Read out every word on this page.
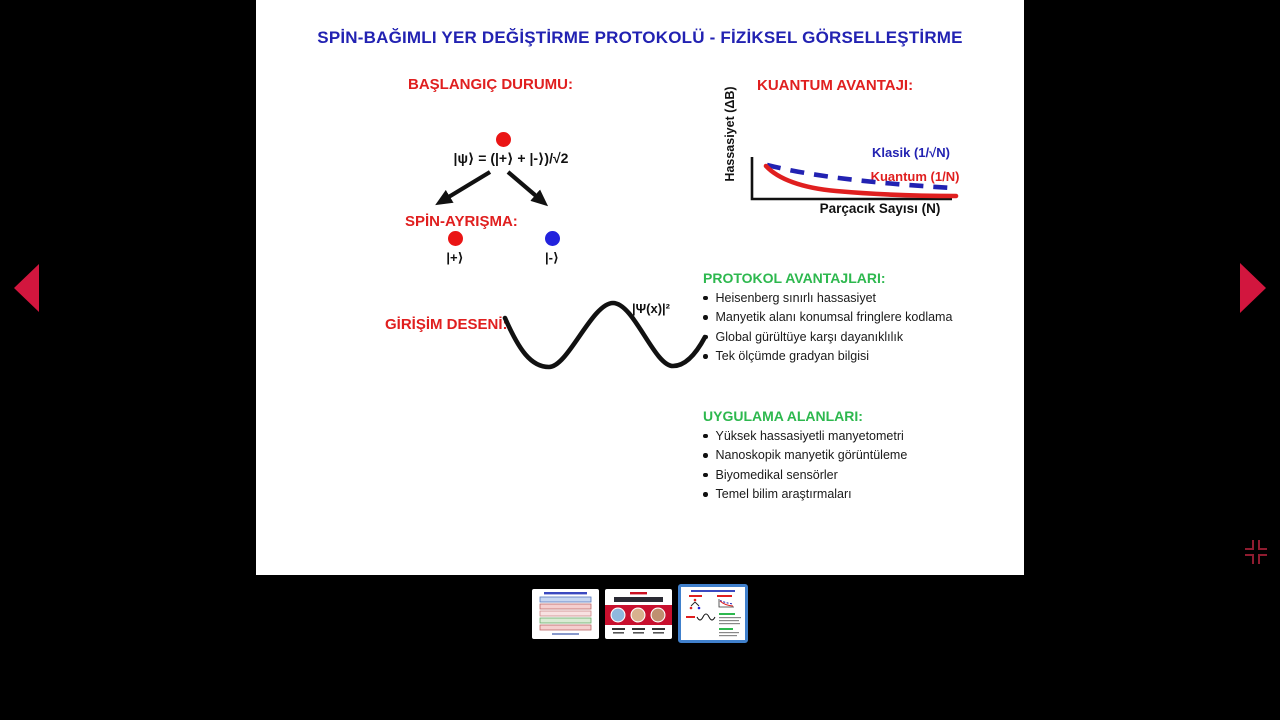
SPİN-BAĞIMLI YER DEĞİŞTİRME PROTOKOLÜ - FİZİKSEL GÖRSELLEŞTİRME
BAŞLANGIÇ DURUMU:
|ψ⟩ = (|+⟩ + |-⟩)/√2
SPİN-AYRIŞMA:
|+⟩	|-⟩
GİRİŞİM DESENİ:
|Ψ(x)|²
KUANTUM AVANTAJI:
Hassasiyet (ΔB)	Klasik (1/√N)
Kuantum (1/N)
Parçacık Sayısı (N)
PROTOKOL AVANTAJLARI:
Heisenberg sınırlı hassasiyet
Manyetik alanı konumsal fringlere kodlama
Global gürültüye karşı dayanıklılık
Tek ölçümde gradyan bilgisi
UYGULAMA ALANLARI:
Yüksek hassasiyetli manyetometri
Nanoskopik manyetik görüntüleme
Biyomedikal sensörler
Temel bilim araştırmaları
